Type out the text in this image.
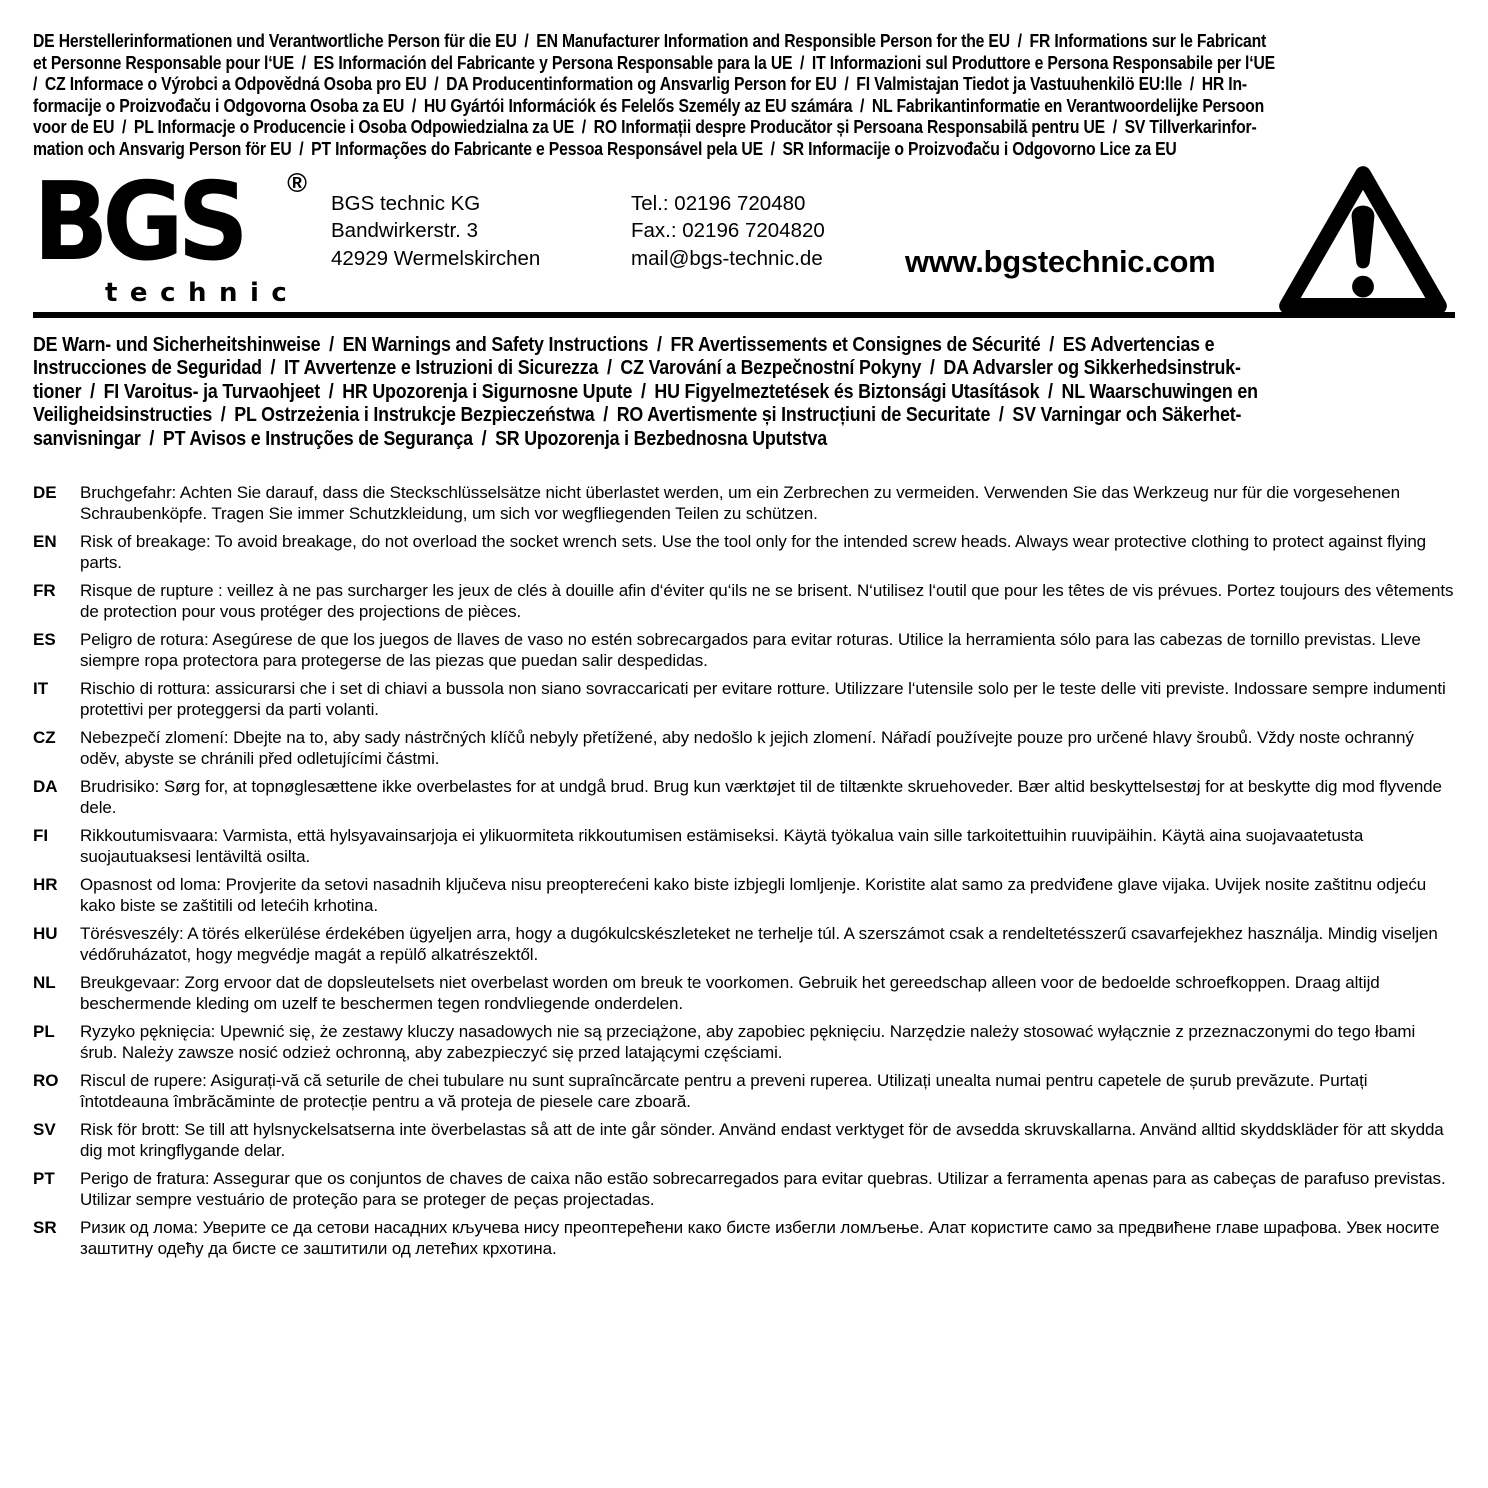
DE Herstellerinformationen und Verantwortliche Person für die EU / EN Manufacturer Information and Responsible Person for the EU / FR Informations sur le Fabricant
et Personne Responsable pour l‘UE / ES Información del Fabricante y Persona Responsable para la UE / IT Informazioni sul Produttore e Persona Responsabile per l‘UE
/ CZ Informace o Výrobci a Odpovědná Osoba pro EU / DA Producentinformation og Ansvarlig Person for EU / FI Valmistajan Tiedot ja Vastuuhenkilö EU:lle / HR In-
formacije o Proizvođaču i Odgovorna Osoba za EU / HU Gyártói Információk és Felelős Személy az EU számára / NL Fabrikantinformatie en Verantwoordelijke Persoon
voor de EU / PL Informacje o Producencie i Osoba Odpowiedzialna za UE / RO Informații despre Producător și Persoana Responsabilă pentru UE / SV Tillverkarinfor-
mation och Ansvarig Person för EU / PT Informações do Fabricante e Pessoa Responsável pela UE / SR Informacije o Proizvođaču i Odgovorno Lice za EU
BGS	®
technic
BGS technic KG
Bandwirkerstr. 3
42929 Wermelskirchen
Tel.: 02196 720480
Fax.: 02196 7204820
mail@bgs-technic.de	www.bgstechnic.com
DE Warn- und Sicherheitshinweise / EN Warnings and Safety Instructions / FR Avertissements et Consignes de Sécurité / ES Advertencias e
Instrucciones de Seguridad / IT Avvertenze e Istruzioni di Sicurezza / CZ Varování a Bezpečnostní Pokyny / DA Advarsler og Sikkerhedsinstruk-
tioner / FI Varoitus- ja Turvaohjeet / HR Upozorenja i Sigurnosne Upute / HU Figyelmeztetések és Biztonsági Utasítások / NL Waarschuwingen en
Veiligheidsinstructies / PL Ostrzeżenia i Instrukcje Bezpieczeństwa / RO Avertismente și Instrucțiuni de Securitate / SV Varningar och Säkerhet-
sanvisningar / PT Avisos e Instruções de Segurança / SR Upozorenja i Bezbednosna Uputstva
DE	Bruchgefahr: Achten Sie darauf, dass die Steckschlüsselsätze nicht überlastet werden, um ein Zerbrechen zu vermeiden. Verwenden Sie das Werkzeug nur für die vorgesehenen Schraubenköpfe. Tragen Sie immer Schutzkleidung, um sich vor wegfliegenden Teilen zu schützen.
EN	Risk of breakage: To avoid breakage, do not overload the socket wrench sets. Use the tool only for the intended screw heads. Always wear protective clothing to protect against flying parts.
FR	Risque de rupture : veillez à ne pas surcharger les jeux de clés à douille afin d‘éviter qu‘ils ne se brisent. N‘utilisez l‘outil que pour les têtes de vis prévues. Portez toujours des vêtements de protection pour vous protéger des projections de pièces.
ES	Peligro de rotura: Asegúrese de que los juegos de llaves de vaso no estén sobrecargados para evitar roturas. Utilice la herramienta sólo para las cabezas de tornillo previstas. Lleve siempre ropa protectora para protegerse de las piezas que puedan salir despedidas.
IT	Rischio di rottura: assicurarsi che i set di chiavi a bussola non siano sovraccaricati per evitare rotture. Utilizzare l‘utensile solo per le teste delle viti previste. Indossare sempre indumenti protettivi per proteggersi da parti volanti.
CZ	Nebezpečí zlomení: Dbejte na to, aby sady nástrčných klíčů nebyly přetížené, aby nedošlo k jejich zlomení. Nářadí používejte pouze pro určené hlavy šroubů. Vždy noste ochranný oděv, abyste se chránili před odletujícími částmi.
DA	Brudrisiko: Sørg for, at topnøglesættene ikke overbelastes for at undgå brud. Brug kun værktøjet til de tiltænkte skruehoveder. Bær altid beskyttelsestøj for at beskytte dig mod flyvende dele.
FI	Rikkoutumisvaara: Varmista, että hylsyavainsarjoja ei ylikuormiteta rikkoutumisen estämiseksi. Käytä työkalua vain sille tarkoitettuihin ruuvipäihin. Käytä aina suojavaatetusta suojautuaksesi lentäviltä osilta.
HR	Opasnost od loma: Provjerite da setovi nasadnih ključeva nisu preopterećeni kako biste izbjegli lomljenje. Koristite alat samo za predviđene glave vijaka. Uvijek nosite zaštitnu odjeću kako biste se zaštitili od letećih krhotina.
HU	Törésveszély: A törés elkerülése érdekében ügyeljen arra, hogy a dugókulcskészleteket ne terhelje túl. A szerszámot csak a rendeltetésszerű csavarfejekhez használja. Mindig viseljen védőruházatot, hogy megvédje magát a repülő alkatrészektől.
NL	Breukgevaar: Zorg ervoor dat de dopsleutelsets niet overbelast worden om breuk te voorkomen. Gebruik het gereedschap alleen voor de bedoelde schroefkoppen. Draag altijd beschermende kleding om uzelf te beschermen tegen rondvliegende onderdelen.
PL	Ryzyko pęknięcia: Upewnić się, że zestawy kluczy nasadowych nie są przeciążone, aby zapobiec pęknięciu. Narzędzie należy stosować wyłącznie z przeznaczonymi do tego łbami śrub. Należy zawsze nosić odzież ochronną, aby zabezpieczyć się przed latającymi częściami.
RO	Riscul de rupere: Asigurați-vă că seturile de chei tubulare nu sunt supraîncărcate pentru a preveni ruperea. Utilizați unealta numai pentru capetele de șurub prevăzute. Purtați întotdeauna îmbrăcăminte de protecție pentru a vă proteja de piesele care zboară.
SV	Risk för brott: Se till att hylsnyckelsatserna inte överbelastas så att de inte går sönder. Använd endast verktyget för de avsedda skruvskallarna. Använd alltid skyddskläder för att skydda dig mot kringflygande delar.
PT	Perigo de fratura: Assegurar que os conjuntos de chaves de caixa não estão sobrecarregados para evitar quebras. Utilizar a ferramenta apenas para as cabeças de parafuso previstas. Utilizar sempre vestuário de proteção para se proteger de peças projectadas.
SR	Ризик од лома: Уверите се да сетови насадних кључева нису преоптерећени како бисте избегли ломљење. Алат користите само за предвићене главе шрафова. Увек носите заштитну одећу да бисте се заштитили од летећих крхотина.
